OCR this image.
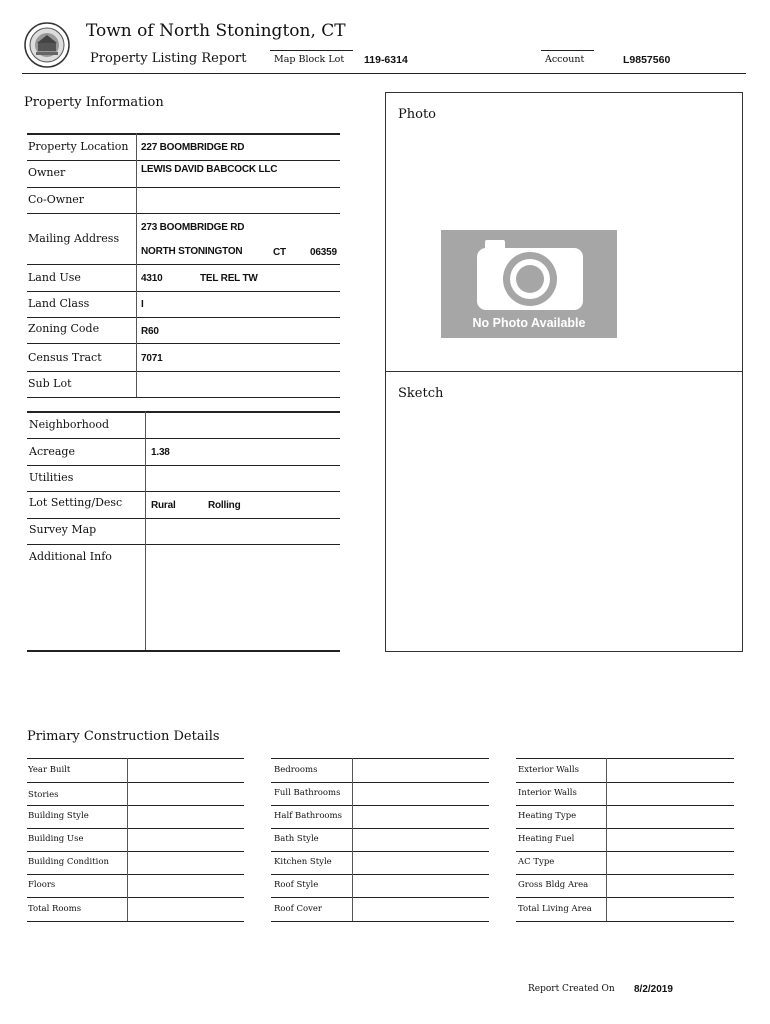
Town of North Stonington, CT
Property Listing Report	Map Block Lot 119-6314	Account	L9857560
Property Information
Property Location 227 BOOMBRIDGE RD
Owner	LEWIS DAVID BABCOCK LLC
Co-Owner
Mailing Address
273 BOOMBRIDGE RD
NORTH STONINGTON	CT 06359
Land Use	4310	TEL REL TW
Land Class	I
Zoning Code	R60
Census Tract	7071
Sub Lot
Neighborhood
Acreage	1.38
Utilities
Lot Setting/Desc	Rural	Rolling
Survey Map
Additional Info
Photo
No Photo Available
Sketch
Primary Construction Details
Year Built
Stories
Building Style
Building Use
Building Condition
Floors
Total Rooms
Bedrooms
Full Bathrooms
Half Bathrooms
Bath Style
Kitchen Style
Roof Style
Roof Cover
Exterior Walls
Interior Walls
Heating Type
Heating Fuel
AC Type
Gross Bldg Area
Total Living Area
Report Created On 8/2/2019
